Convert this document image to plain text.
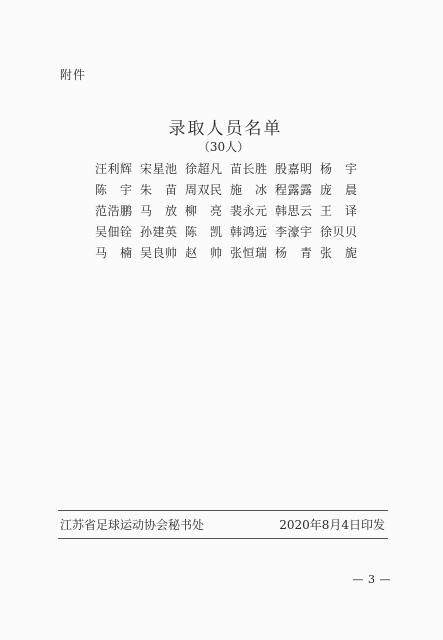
附件
录取人员名单
（30人）
汪利辉 宋星池 徐超凡 苗长胜 殷嘉明 杨　宇
陈　宇 朱　苗 周双民 施　冰 程露露 庞　晨
范浩鹏 马　放 柳　亮 裴永元 韩思云 王　译
吴佃铨 孙建英 陈　凯 韩鸿远 李濠宇 徐贝贝
马　楠 吴良帅 赵　帅 张恒瑞 杨　青 张　旎
江苏省足球运动协会秘书处	2020年8月4日印发
— 3 —
